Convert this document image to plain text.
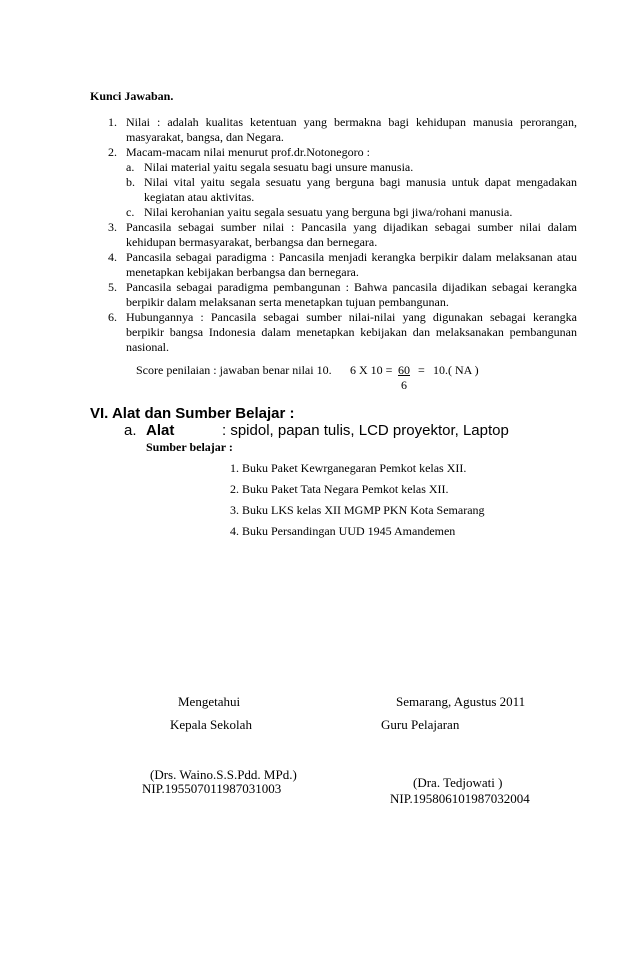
Kunci Jawaban.
1. Nilai : adalah kualitas ketentuan yang bermakna bagi kehidupan manusia perorangan, masyarakat, bangsa, dan Negara.
2. Macam-macam nilai menurut prof.dr.Notonegoro :
a. Nilai material yaitu segala sesuatu bagi unsure manusia.
b. Nilai vital yaitu segala sesuatu yang berguna bagi manusia untuk dapat mengadakan kegiatan atau aktivitas.
c. Nilai kerohanian yaitu segala sesuatu yang berguna bgi jiwa/rohani manusia.
3. Pancasila sebagai sumber nilai : Pancasila yang dijadikan sebagai sumber nilai dalam kehidupan bermasyarakat, berbangsa dan bernegara.
4. Pancasila sebagai paradigma : Pancasila menjadi kerangka berpikir dalam melaksanan atau menetapkan kebijakan berbangsa dan bernegara.
5. Pancasila sebagai paradigma pembangunan : Bahwa pancasila dijadikan sebagai kerangka berpikir dalam melaksanan serta menetapkan tujuan pembangunan.
6. Hubungannya : Pancasila sebagai sumber nilai-nilai yang digunakan sebagai kerangka berpikir bangsa Indonesia dalam menetapkan kebijakan dan melaksanakan pembangunan nasional.
Score penilaian : jawaban benar nilai 10. 6 X 10 = 60 = 10.( NA )
6
VI. Alat dan Sumber Belajar :
a. Alat	: spidol, papan tulis, LCD proyektor, Laptop
Sumber belajar :
1. Buku Paket Kewrganegaran Pemkot kelas XII.
2. Buku Paket Tata Negara Pemkot kelas XII.
3. Buku LKS kelas XII MGMP PKN Kota Semarang
4. Buku Persandingan UUD 1945 Amandemen
Mengetahui
Kepala Sekolah
(Drs. Waino.S.S.Pdd. MPd.)
NIP.195507011987031003
Semarang, Agustus 2011
Guru Pelajaran
(Dra. Tedjowati )
NIP.195806101987032004
